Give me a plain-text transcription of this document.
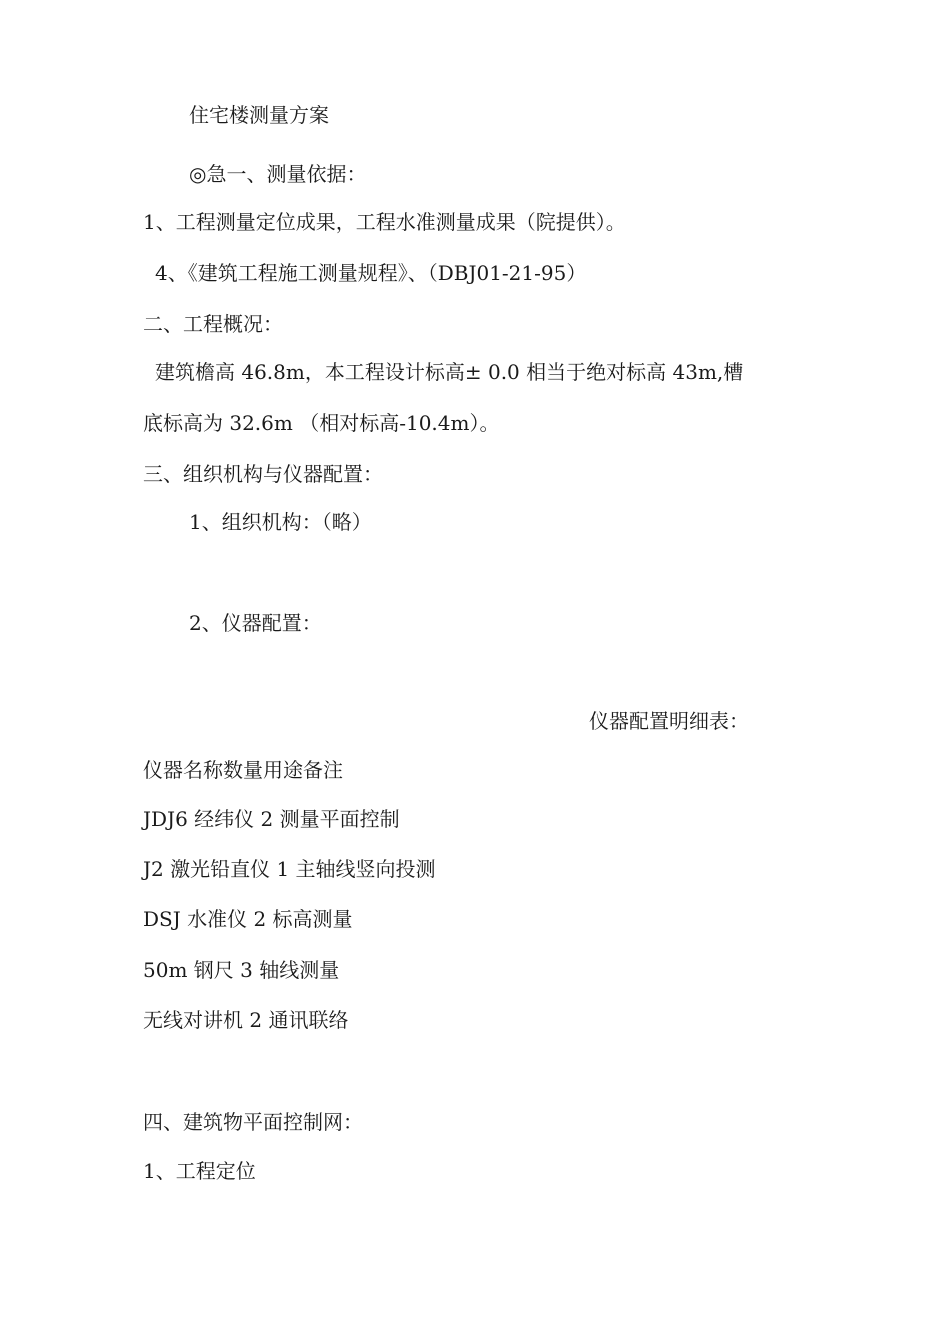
住宅楼测量方案

◎急一、测量依据：

1、工程测量定位成果，工程水准测量成果（院提供）。

4、《建筑工程施工测量规程》、（DBJ01-21-95）

二、工程概况：

建筑檐高 46.8m，本工程设计标高± 0.0 相当于绝对标高 43m,槽

底标高为 32.6m （相对标高-10.4m）。

三、组织机构与仪器配置：

1、组织机构：（略）

2、仪器配置：

仪器配置明细表：

仪器名称数量用途备注

JDJ6 经纬仪 2 测量平面控制

J2 激光铅直仪 1 主轴线竖向投测

DSJ 水准仪 2 标高测量

50m 钢尺 3 轴线测量

无线对讲机 2 通讯联络

四、建筑物平面控制网：

1、工程定位
